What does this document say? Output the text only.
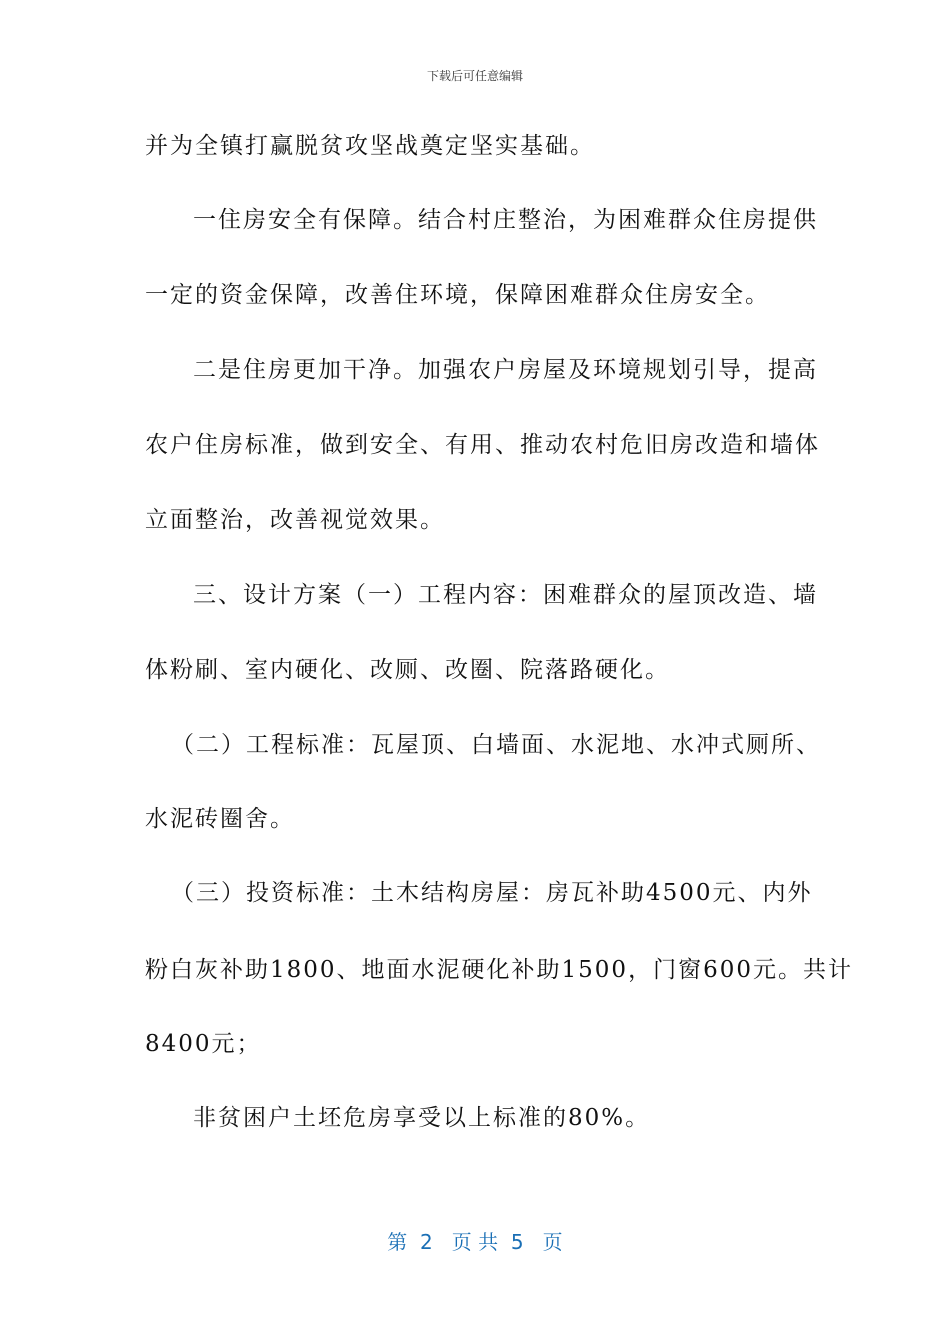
下载后可任意编辑
并为全镇打赢脱贫攻坚战奠定坚实基础。
一住房安全有保障。结合村庄整治，为困难群众住房提供
一定的资金保障，改善住环境，保障困难群众住房安全。
二是住房更加干净。加强农户房屋及环境规划引导，提高
农户住房标准，做到安全、有用、推动农村危旧房改造和墙体
立面整治，改善视觉效果。
三、设计方案（一）工程内容：困难群众的屋顶改造、墙
体粉刷、室内硬化、改厕、改圈、院落路硬化。
（二）工程标准：瓦屋顶、白墙面、水泥地、水冲式厕所、
水泥砖圈舍。
（三）投资标准：土木结构房屋：房瓦补助4500元、内外
粉白灰补助1800、地面水泥硬化补助1500，门窗600元。共计
8400元；
非贫困户土坯危房享受以上标准的80%。
第  2   页 共  5   页
